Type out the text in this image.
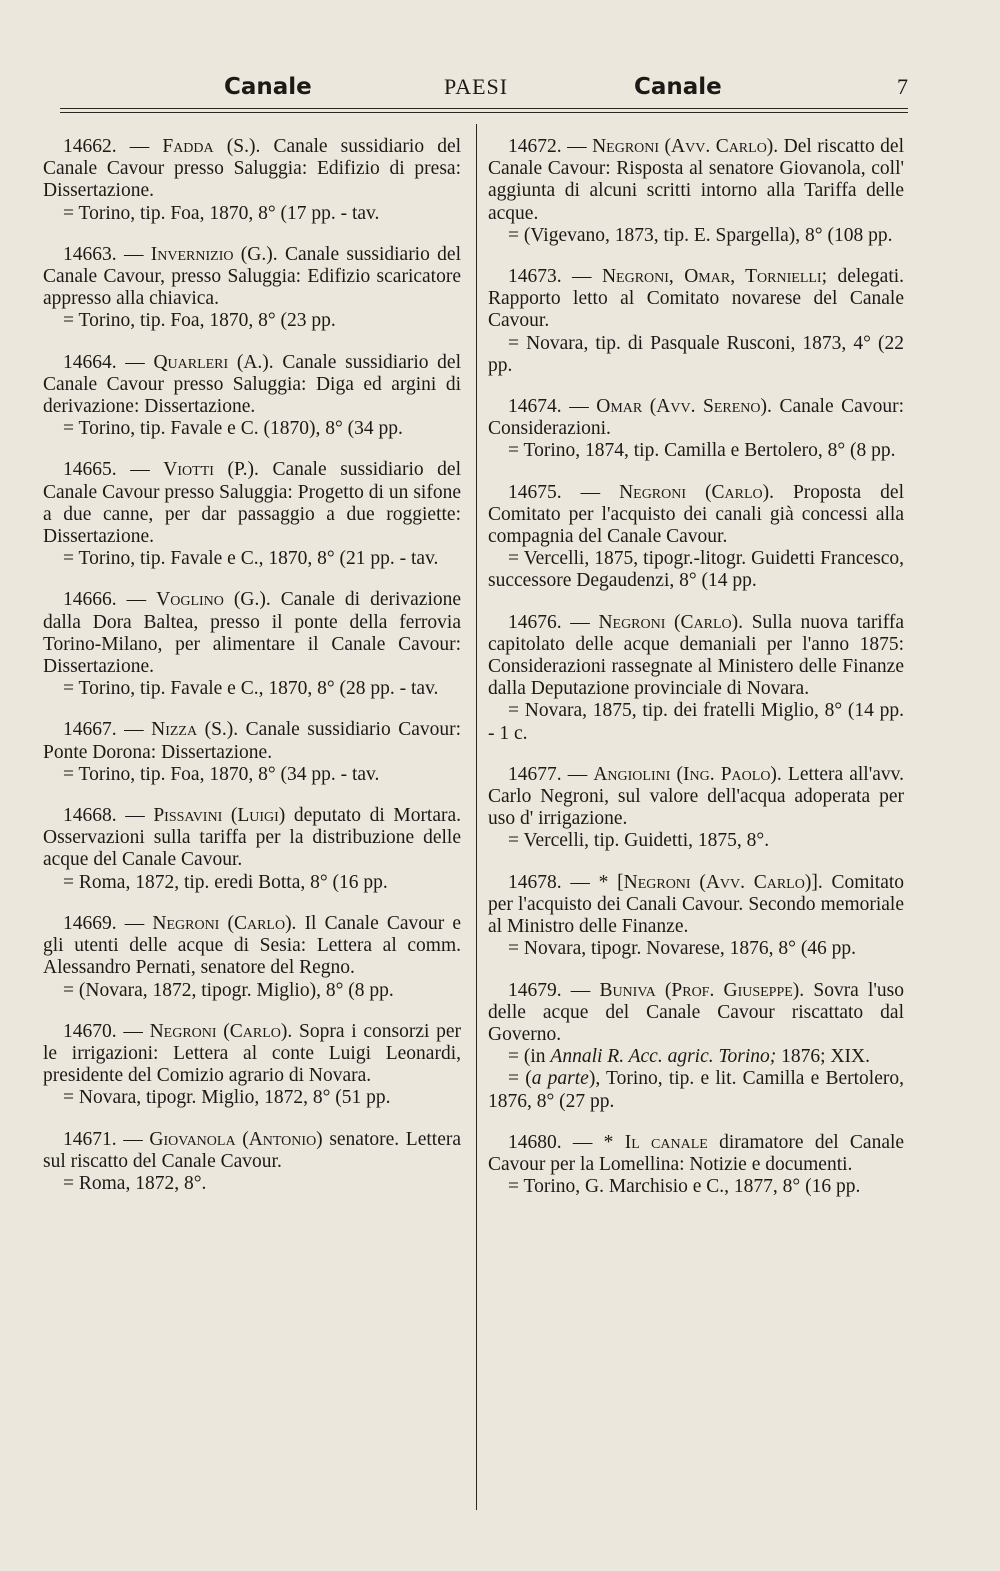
Canale	PAESI	Canale	7

14662. — Fadda (S.). Canale sussidiario del Canale Cavour presso Saluggia: Edifizio di presa: Dissertazione.

= Torino, tip. Foa, 1870, 8° (17 pp. - tav.

14663. — Invernizio (G.). Canale sussidiario del Canale Cavour, presso Saluggia: Edifizio scaricatore appresso alla chiavica.

= Torino, tip. Foa, 1870, 8° (23 pp.

14664. — Quarleri (A.). Canale sussidiario del Canale Cavour presso Saluggia: Diga ed argini di derivazione: Dissertazione.

= Torino, tip. Favale e C. (1870), 8° (34 pp.

14665. — Viotti (P.). Canale sussidiario del Canale Cavour presso Saluggia: Progetto di un sifone a due canne, per dar passaggio a due roggiette: Dissertazione.

= Torino, tip. Favale e C., 1870, 8° (21 pp. - tav.

14666. — Voglino (G.). Canale di derivazione dalla Dora Baltea, presso il ponte della ferrovia Torino-Milano, per alimentare il Canale Cavour: Dissertazione.

= Torino, tip. Favale e C., 1870, 8° (28 pp. - tav.

14667. — Nizza (S.). Canale sussidiario Cavour: Ponte Dorona: Dissertazione.

= Torino, tip. Foa, 1870, 8° (34 pp. - tav.

14668. — Pissavini (Luigi) deputato di Mortara. Osservazioni sulla tariffa per la distribuzione delle acque del Canale Cavour.

= Roma, 1872, tip. eredi Botta, 8° (16 pp.

14669. — Negroni (Carlo). Il Canale Cavour e gli utenti delle acque di Sesia: Lettera al comm. Alessandro Pernati, senatore del Regno.

= (Novara, 1872, tipogr. Miglio), 8° (8 pp.

14670. — Negroni (Carlo). Sopra i consorzi per le irrigazioni: Lettera al conte Luigi Leonardi, presidente del Comizio agrario di Novara.

= Novara, tipogr. Miglio, 1872, 8° (51 pp.

14671. — Giovanola (Antonio) senatore. Lettera sul riscatto del Canale Cavour.

= Roma, 1872, 8°.

14672. — Negroni (Avv. Carlo). Del riscatto del Canale Cavour: Risposta al senatore Giovanola, coll' aggiunta di alcuni scritti intorno alla Tariffa delle acque.

= (Vigevano, 1873, tip. E. Spargella), 8° (108 pp.

14673. — Negroni, Omar, Tornielli; delegati. Rapporto letto al Comitato novarese del Canale Cavour.

= Novara, tip. di Pasquale Rusconi, 1873, 4° (22 pp.

14674. — Omar (Avv. Sereno). Canale Cavour: Considerazioni.

= Torino, 1874, tip. Camilla e Bertolero, 8° (8 pp.

14675. — Negroni (Carlo). Proposta del Comitato per l'acquisto dei canali già concessi alla compagnia del Canale Cavour.

= Vercelli, 1875, tipogr.-litogr. Guidetti Francesco, successore Degaudenzi, 8° (14 pp.

14676. — Negroni (Carlo). Sulla nuova tariffa capitolato delle acque demaniali per l'anno 1875: Considerazioni rassegnate al Ministero delle Finanze dalla Deputazione provinciale di Novara.

= Novara, 1875, tip. dei fratelli Miglio, 8° (14 pp. - 1 c.

14677. — Angiolini (Ing. Paolo). Lettera all'avv. Carlo Negroni, sul valore dell'acqua adoperata per uso d' irrigazione.

= Vercelli, tip. Guidetti, 1875, 8°.

14678. — * [Negroni (Avv. Carlo)]. Comitato per l'acquisto dei Canali Cavour. Secondo memoriale al Ministro delle Finanze.

= Novara, tipogr. Novarese, 1876, 8° (46 pp.

14679. — Buniva (Prof. Giuseppe). Sovra l'uso delle acque del Canale Cavour riscattato dal Governo.

= (in Annali R. Acc. agric. Torino; 1876; XIX.

= (a parte), Torino, tip. e lit. Camilla e Bertolero, 1876, 8° (27 pp.

14680. — * Il canale diramatore del Canale Cavour per la Lomellina: Notizie e documenti.

= Torino, G. Marchisio e C., 1877, 8° (16 pp.
